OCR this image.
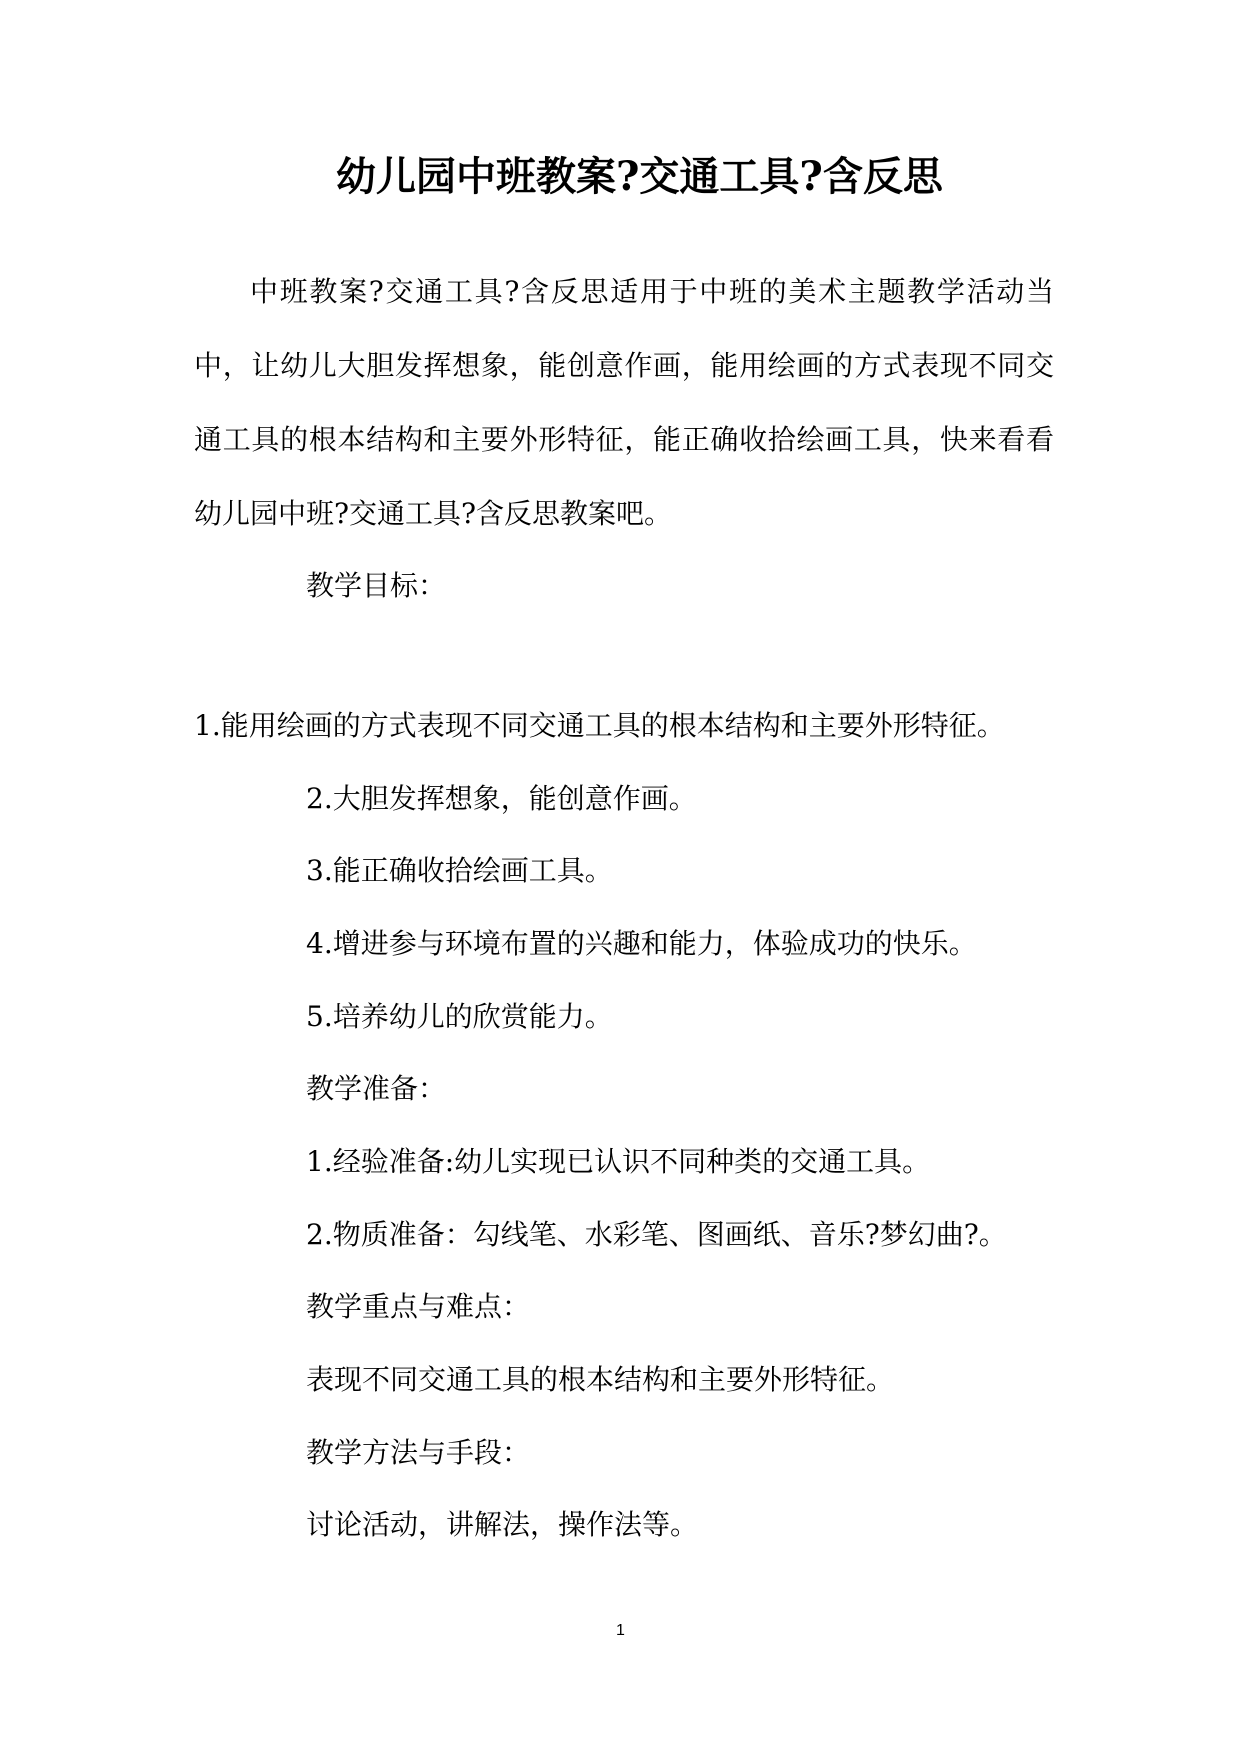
幼儿园中班教案?交通工具?含反思
中班教案?交通工具?含反思适用于中班的美术主题教学活动当中，让幼儿大胆发挥想象，能创意作画，能用绘画的方式表现不同交通工具的根本结构和主要外形特征，能正确收拾绘画工具，快来看看幼儿园中班?交通工具?含反思教案吧。
教学目标：
1.能用绘画的方式表现不同交通工具的根本结构和主要外形特征。
2.大胆发挥想象，能创意作画。
3.能正确收拾绘画工具。
4.增进参与环境布置的兴趣和能力，体验成功的快乐。
5.培养幼儿的欣赏能力。
教学准备：
1.经验准备:幼儿实现已认识不同种类的交通工具。
2.物质准备：勾线笔、水彩笔、图画纸、音乐?梦幻曲?。
教学重点与难点：
表现不同交通工具的根本结构和主要外形特征。
教学方法与手段：
讨论活动，讲解法，操作法等。
1
